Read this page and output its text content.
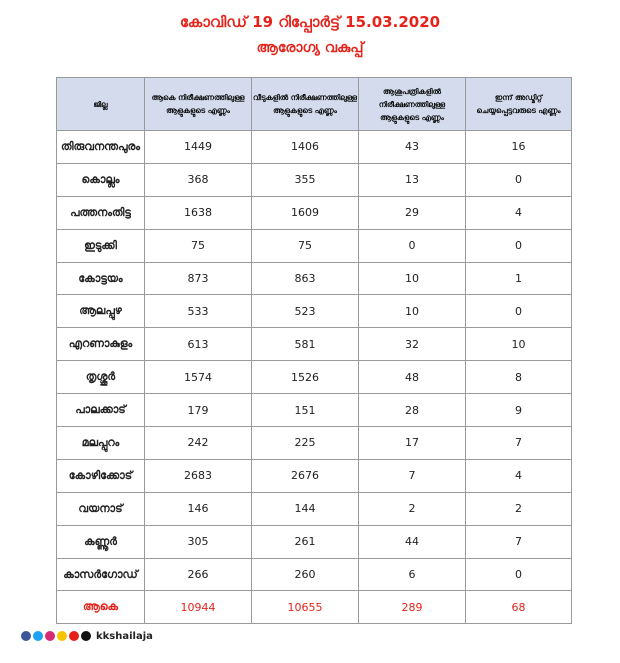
കോവിഡ് 19 റിപ്പോർട്ട് 15.03.2020
ആരോഗ്യ വകുപ്പ്
ജില്ല	ആകെ നിരീക്ഷണത്തിലുള്ള ആളുകളുടെ എണ്ണം	വീടുകളിൽ നിരീക്ഷണത്തിലുള്ള ആളുകളുടെ എണ്ണം	ആശുപത്രികളിൽ നിരീക്ഷണത്തിലുള്ള ആളുകളുടെ എണ്ണം	ഇന്ന് അഡ്മിറ്റ് ചെയ്യപ്പെട്ടവരുടെ എണ്ണം
തിരുവനന്തപുരം	1449	1406	43	16
കൊല്ലം	368	355	13	0
പത്തനംതിട്ട	1638	1609	29	4
ഇടുക്കി	75	75	0	0
കോട്ടയം	873	863	10	1
ആലപ്പുഴ	533	523	10	0
എറണാകുളം	613	581	32	10
തൃശ്ശൂർ	1574	1526	48	8
പാലക്കാട്	179	151	28	9
മലപ്പുറം	242	225	17	7
കോഴിക്കോട്	2683	2676	7	4
വയനാട്	146	144	2	2
കണ്ണൂർ	305	261	44	7
കാസർഗോഡ്	266	260	6	0
ആകെ	10944	10655	289	68
kkshailaja
